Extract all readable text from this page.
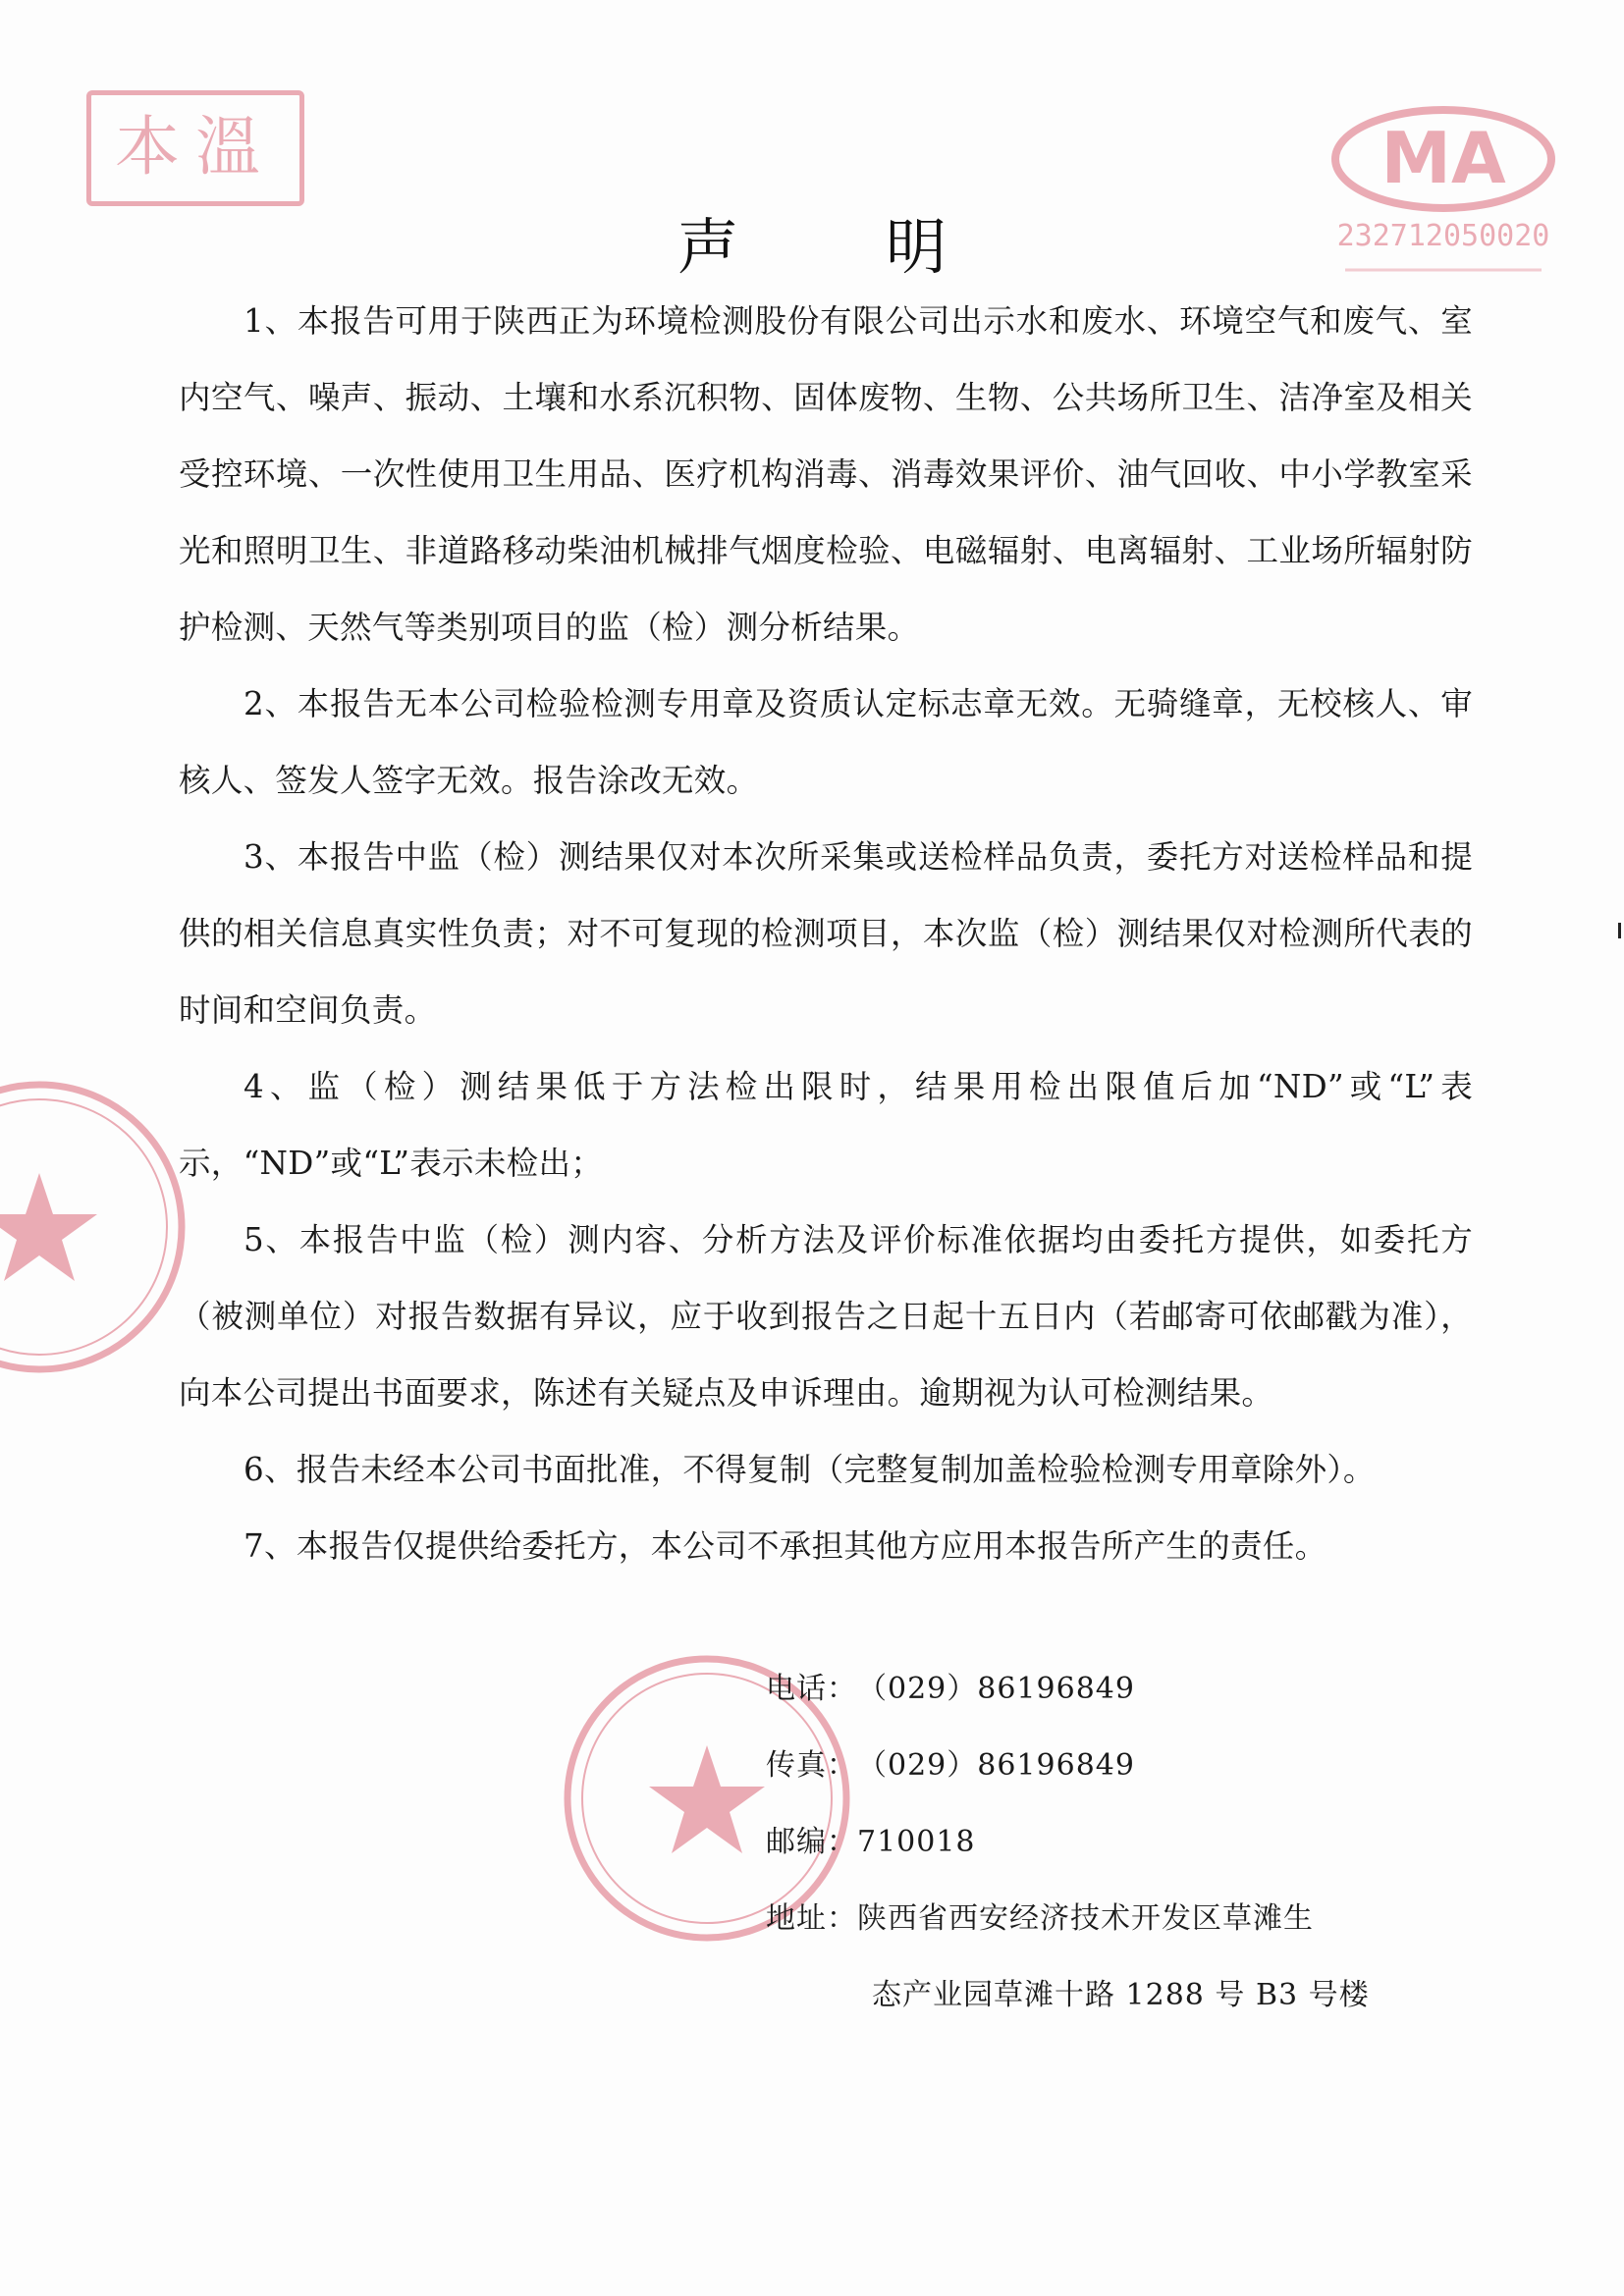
本溫	MA
232712050020
声明

1、本报告可用于陕西正为环境检测股份有限公司出示水和废水、环境空气和废气、室内空气、噪声、振动、土壤和水系沉积物、固体废物、生物、公共场所卫生、洁净室及相关受控环境、一次性使用卫生用品、医疗机构消毒、消毒效果评价、油气回收、中小学教室采光和照明卫生、非道路移动柴油机械排气烟度检验、电磁辐射、电离辐射、工业场所辐射防护检测、天然气等类别项目的监（检）测分析结果。

2、本报告无本公司检验检测专用章及资质认定标志章无效。无骑缝章，无校核人、审核人、签发人签字无效。报告涂改无效。

3、本报告中监（检）测结果仅对本次所采集或送检样品负责，委托方对送检样品和提供的相关信息真实性负责；对不可复现的检测项目，本次监（检）测结果仅对检测所代表的时间和空间负责。

4、监（检）测结果低于方法检出限时，结果用检出限值后加“ND”或“L”表示，“ND”或“L”表示未检出；

5、本报告中监（检）测内容、分析方法及评价标准依据均由委托方提供，如委托方（被测单位）对报告数据有异议，应于收到报告之日起十五日内（若邮寄可依邮戳为准），向本公司提出书面要求，陈述有关疑点及申诉理由。逾期视为认可检测结果。

6、报告未经本公司书面批准，不得复制（完整复制加盖检验检测专用章除外）。

7、本报告仅提供给委托方，本公司不承担其他方应用本报告所产生的责任。

电话：（029）86196849
传真：（029）86196849
邮编：710018
地址：陕西省西安经济技术开发区草滩生
态产业园草滩十路 1288 号 B3 号楼
